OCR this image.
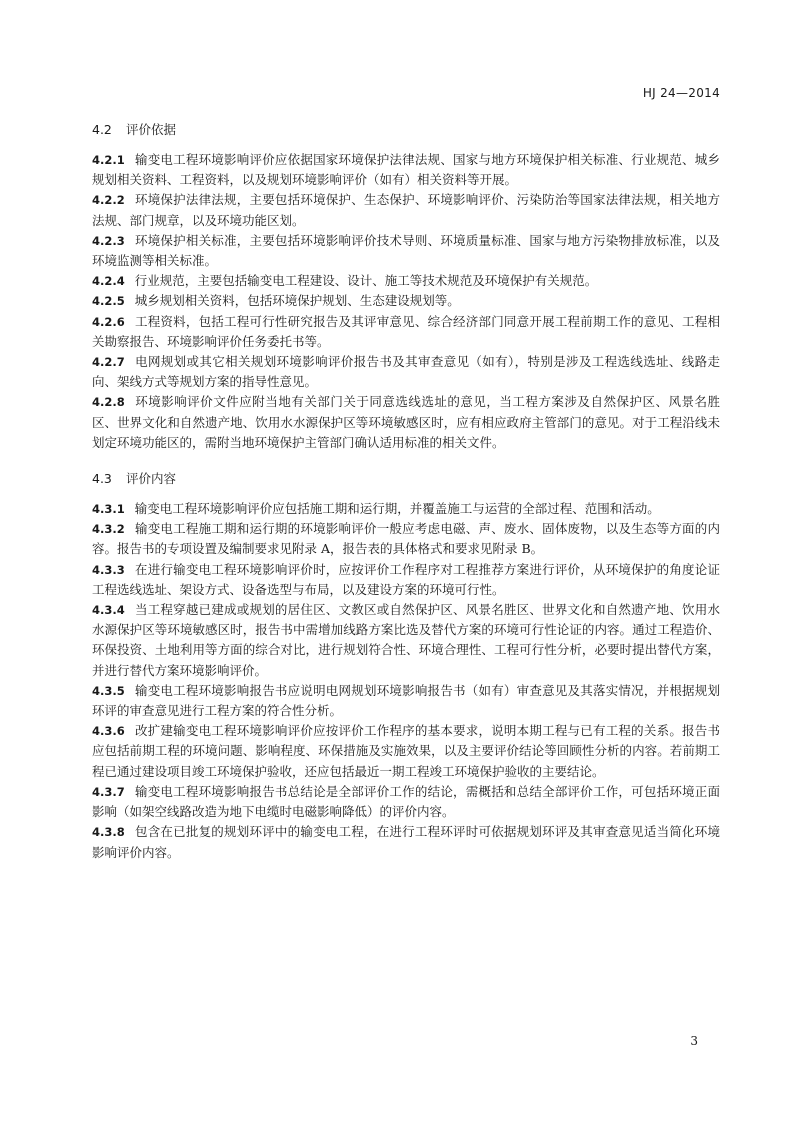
HJ 24—2014
4.2 评价依据

4.2.1 输变电工程环境影响评价应依据国家环境保护法律法规、国家与地方环境保护相关标准、行业规范、城乡规划相关资料、工程资料，以及规划环境影响评价（如有）相关资料等开展。

4.2.2 环境保护法律法规，主要包括环境保护、生态保护、环境影响评价、污染防治等国家法律法规，相关地方法规、部门规章，以及环境功能区划。

4.2.3 环境保护相关标准，主要包括环境影响评价技术导则、环境质量标准、国家与地方污染物排放标准，以及环境监测等相关标准。

4.2.4 行业规范，主要包括输变电工程建设、设计、施工等技术规范及环境保护有关规范。

4.2.5 城乡规划相关资料，包括环境保护规划、生态建设规划等。

4.2.6 工程资料，包括工程可行性研究报告及其评审意见、综合经济部门同意开展工程前期工作的意见、工程相关勘察报告、环境影响评价任务委托书等。

4.2.7 电网规划或其它相关规划环境影响评价报告书及其审查意见（如有），特别是涉及工程选线选址、线路走向、架线方式等规划方案的指导性意见。

4.2.8 环境影响评价文件应附当地有关部门关于同意选线选址的意见，当工程方案涉及自然保护区、风景名胜区、世界文化和自然遗产地、饮用水水源保护区等环境敏感区时，应有相应政府主管部门的意见。对于工程沿线未划定环境功能区的，需附当地环境保护主管部门确认适用标准的相关文件。

4.3 评价内容

4.3.1 输变电工程环境影响评价应包括施工期和运行期，并覆盖施工与运营的全部过程、范围和活动。

4.3.2 输变电工程施工期和运行期的环境影响评价一般应考虑电磁、声、废水、固体废物，以及生态等方面的内容。报告书的专项设置及编制要求见附录 A，报告表的具体格式和要求见附录 B。

4.3.3 在进行输变电工程环境影响评价时，应按评价工作程序对工程推荐方案进行评价，从环境保护的角度论证工程选线选址、架设方式、设备选型与布局，以及建设方案的环境可行性。

4.3.4 当工程穿越已建成或规划的居住区、文教区或自然保护区、风景名胜区、世界文化和自然遗产地、饮用水水源保护区等环境敏感区时，报告书中需增加线路方案比选及替代方案的环境可行性论证的内容。通过工程造价、环保投资、土地利用等方面的综合对比，进行规划符合性、环境合理性、工程可行性分析，必要时提出替代方案，并进行替代方案环境影响评价。

4.3.5 输变电工程环境影响报告书应说明电网规划环境影响报告书（如有）审查意见及其落实情况，并根据规划环评的审查意见进行工程方案的符合性分析。

4.3.6 改扩建输变电工程环境影响评价应按评价工作程序的基本要求，说明本期工程与已有工程的关系。报告书应包括前期工程的环境问题、影响程度、环保措施及实施效果，以及主要评价结论等回顾性分析的内容。若前期工程已通过建设项目竣工环境保护验收，还应包括最近一期工程竣工环境保护验收的主要结论。

4.3.7 输变电工程环境影响报告书总结论是全部评价工作的结论，需概括和总结全部评价工作，可包括环境正面影响（如架空线路改造为地下电缆时电磁影响降低）的评价内容。

4.3.8 包含在已批复的规划环评中的输变电工程，在进行工程环评时可依据规划环评及其审查意见适当简化环境影响评价内容。

3
